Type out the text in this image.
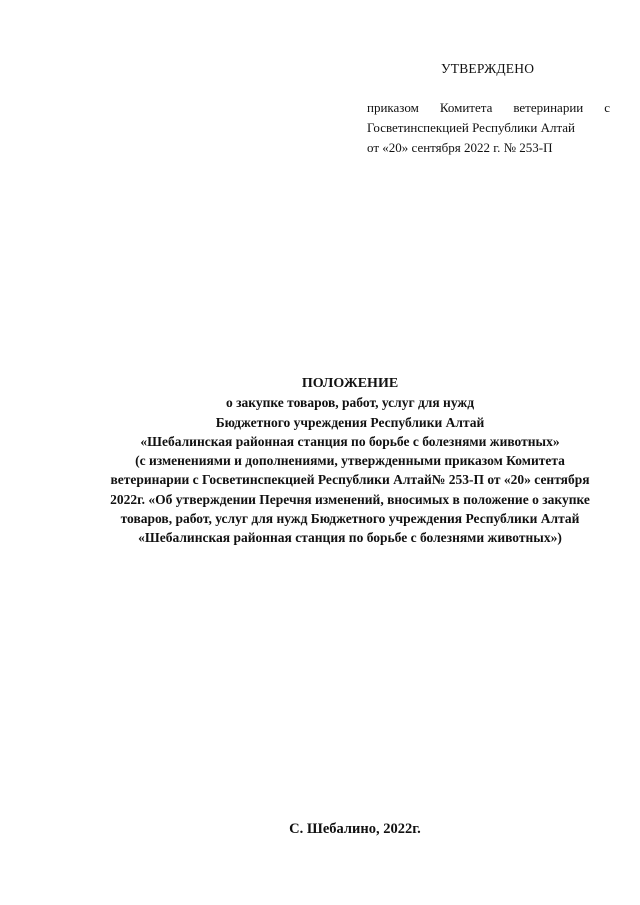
УТВЕРЖДЕНО
приказом Комитета ветеринарии с
Госветинспекцией Республики Алтай
от «20» сентября 2022 г. № 253-П
ПОЛОЖЕНИЕ
о закупке товаров, работ, услуг для нужд
Бюджетного учреждения Республики Алтай
«Шебалинская районная станция по борьбе с болезнями животных»
(с изменениями и дополнениями, утвержденными приказом Комитета
ветеринарии с Госветинспекцией Республики Алтай№ 253-П от «20» сентября
2022г. «Об утверждении Перечня изменений, вносимых в положение о закупке
товаров, работ, услуг для нужд Бюджетного учреждения Республики Алтай
«Шебалинская районная станция по борьбе с болезнями животных»)
С. Шебалино, 2022г.
